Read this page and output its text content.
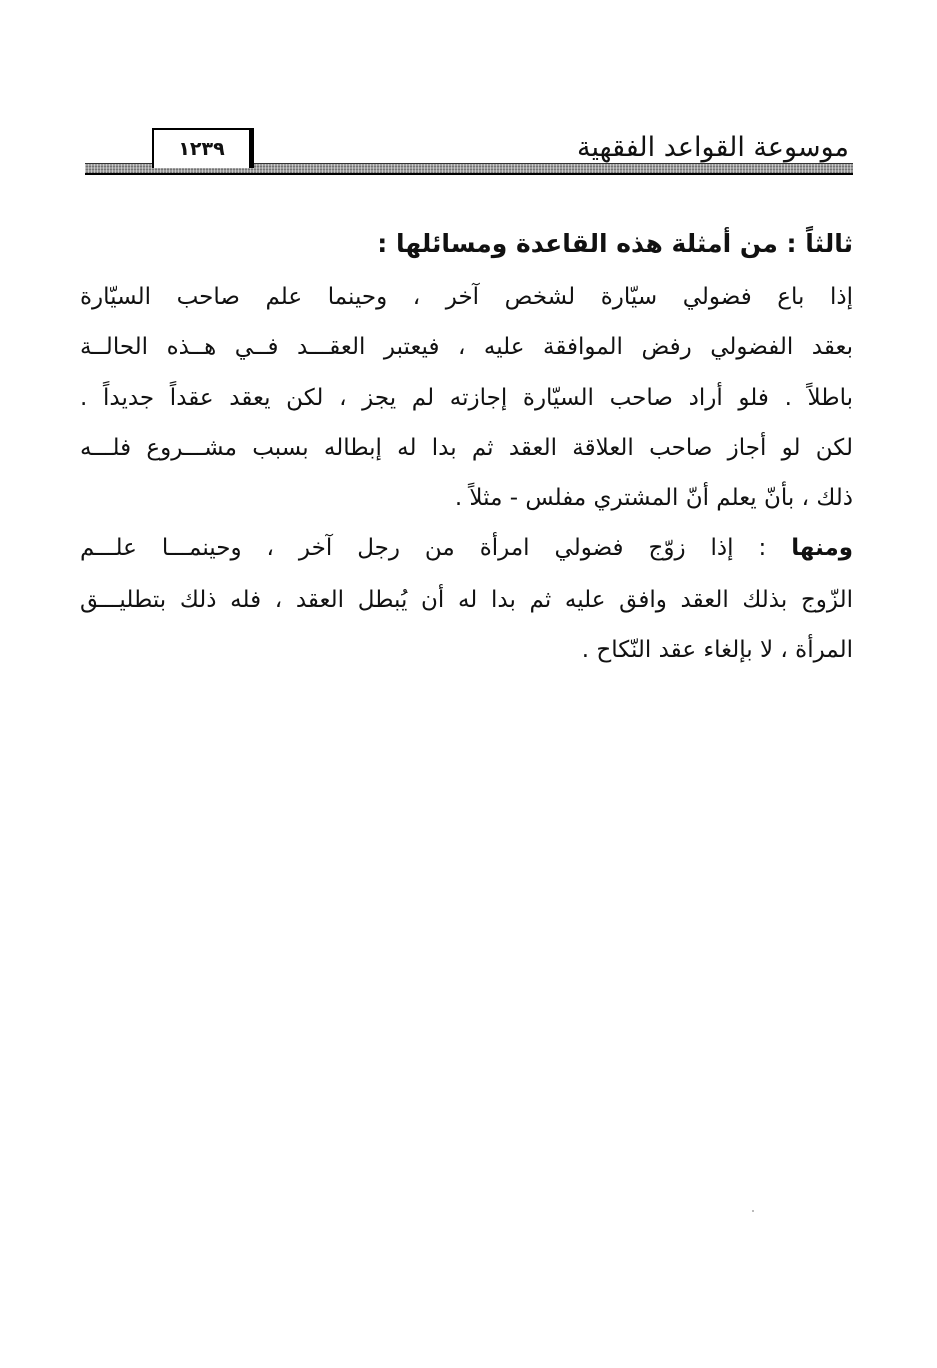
موسوعة القواعد الفقهية
١٢٣٩
ثالثاً : من أمثلة هذه القاعدة ومسائلها :
إذا باع فضولي سيّارة لشخص آخر ، وحينما علم صاحب السيّارة
بعقد الفضولي رفض الموافقة عليه ، فيعتبر العقـــد فــي هــذه الحالــة
باطلاً . فلو أراد صاحب السيّارة إجازته لم يجز ، لكن يعقد عقداً جديداً .
لكن لو أجاز صاحب العلاقة العقد ثم بدا له إبطاله بسبب مشـــروع فلـــه
ذلك ، بأنّ يعلم أنّ المشتري مفلس - مثلاً .
ومنها : إذا زوّج فضولي امرأة من رجل آخر ، وحينمـــا علـــم
الزّوج بذلك العقد وافق عليه ثم بدا له أن يُبطل العقد ، فله ذلك بتطليـــق
المرأة ، لا بإلغاء عقد النّكاح .
